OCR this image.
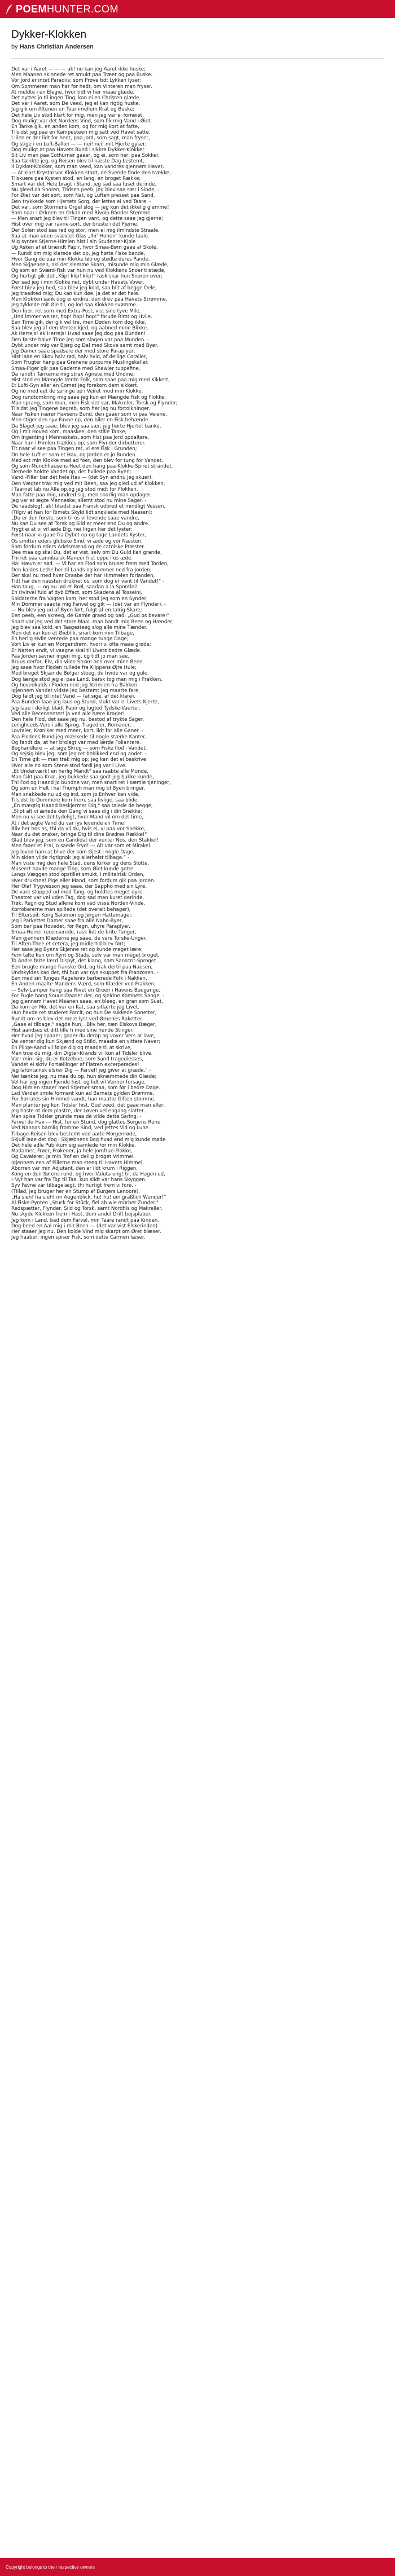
POEM HUNTER.COM
Dykker-Klokken

by Hans Christian Andersen

Det var i Aaret — — — ak! nu kan jeg Aaret ikke huske;
Men Maanen skinnede ret smukt paa Træer og paa Buske.
Vor Jord er intet Paradiis; som Prøve tidt Lykken lyser;
Om Sommeren man har for hedt, om Vinteren man fryser.
At meldte i en Elegie, hvor tidt vi her maae glæde,
Det nytter jo til ingen Ting, kan ei en Christen glæde.
Det var i Aaret, som De veed, jeg ei kan rigtig huske,
Jeg gik om Aftenen en Tour imellem Krat og Buske;
Det hele Liv stod klart for mig, men jeg var ei fornøiet;
Dog muligt var det Nordens Vind, som fik mig Vand i Øiet.
En Tanke gik, en anden kom, og for mig kort at fatte,
Tilsidst jeg paa en Kampesteen mig satt ved Havet satte.
I Iilen er der lidt for hedt, paa Jord, som sagt, man fryser,
Og stige i en Luft-Ballon — — nei! nei! mit Hjerte gyser;
Dog muligt at paa Havets Bund i sikkre Dykker-Klokker
Sit Liv man paa Cothurner gaaer, og ei, som her, paa Sokker.
Saa tænkte jeg, og Reisen blev til næste Dag bestemt,
Il Dykker-Klokker, som man veed, kan vandres gjennem Havet.
— At klart Krystal var Klokken stadt, de Svende finde den trække,
Tilskuere paa Kysten stod, en lang, en broget Række;
Smart var det Hele bragt i Stand, jeg sad saa fuset derinde,
Nu gleed da Snoren, Tridsen peeb, jeg blev saa sær i Sinde, -
For Øiet var det sort, som Nat, og Luften presset paa Sand,
Den trykkede som Hjertets Sorg, der lettes ei ved Taare. -
Det var, som Stormens Orgel slog — jeg kun det ikkelig glemme!
Som naar i Ørknen en Orkan med Rivolp Bånder Stemme.
— Men snart jeg blev til Tingen vant, og dette saae jeg gjerne;
Hist over mig var ravne-sort, der bruste i det Fjerne,
Der Solen stod saa red og stor, men ei mig ilmindste Straale,
Saa at man uden svævtet Glas „Ihr' Hohen" kunde taale.
Mig syntes Stjerne-Himlen hist i sin Studenter-Kjole
Ug Asken af et brændt Papir, hvor Smaa-Børn gaae af Skole.
— Rundt om mig klarede det op, jeg hørte Fiske bande,
Hvor Gang de paa min Klokke løb og stødte deres Pande.
Men Skjaebnen, akl det slemme Skarn, misunde mig min Glæde,
Og som en Sværd-Fisk var hun nu ved Klokkens Snoer tilstæde,
Og hurtigt gik det „Klip! klip! klip!" rask skar hun Snoren over;
Der sad jeg i min Klokke net, dybt under Havets Vover.
Først blev jeg hed, saa blev jeg kold, saa blit af begge Dele,
Jeg traadted mig; Du kan kun døe, ja det er det hele.
Men Klokken sank dog ei endnu, den drev paa Havets Strømme,
Jeg tykkede mit Øie til, og lod saa Klokken svømme.
Den foer, ret som med Extra-Post, vist sine tyve Mile,
„Und immer weiter, hop! hop! hop!" forude Rimt og Hvile.
Een Time gik, der gik vel tre, men Døden kom dog ikke,
Saa blev jeg af den Venten kjed, og aabned mine Blikke.
Ak Herrejs! ak Herrejs! Hvad saae jeg dog paa Bunden!
Den første halve Time jeg som slagen var paa Munden. -
Dybt under mig var Bjerg og Dal med Skove samt med Byer,
Jeg Damer saae spadsere der med store Paraplyer,
Hist laae en Skov halv rød, halv hvid, af deilige Coraller,
Som Frugter hang paa Grenene purpurne Muslingskaller.
Smaa-Piger gik paa Gaderne med Shawler tuppefine,
Da randt i Tankerne mig strax Agnete med Undine.
Hist stod en Mængde lærde Folk, som saae paa mig med Kikkert,
Et Lufti-Syn eller en Comet jeg forekom dem sikkert.
Og nu med eet de springe op i Veiret mod min Klokke,
Dog rundtomkring mig saae jeg kun en Mængde Fisk og Flokke.
Man sprang, som man, men Fisk det var, Makreler, Torsk og Flynder;
Tilsidst jeg Tingene begreb, som her jeg nu fortolkninger.
Naar Fisken nærer Havsens Bund, den gaaer som vi paa Veiene,
Men stiger den syv Favne op, den biler en Fisk behænde.
Da Slaget jeg saae, blev jeg saa sær, jeg hørte Hjertet banke,
Og i mit Hoved kom, maaskee, den stille Tanke,
Om Ingenting i Menneskets, som hist paa Jord opdaltere,
Naar han i Himlen trækkes op, som Flynder dirbutterer.
Tit naar vi see paa Tingen ret, vi ere Fisk i Grunden;
Dn hele Luft er som et Hav, og Jorden er jo Bunden.
Med ect min Klokke med ad foer, den blev for tung for Vandet,
Og som Münchhausens Heet den hang paa Klokke-Spiret strandet.
Dernede holdte Vandet op, det hvilede paa Byen;
Vandi-Piller bar det hele Hav — (det Syn endnu jeg skuer).
Den Vægter trak mig ved mit Been, saa jeg gled ud af Klokken,
I Taarnet lab nu Alle op,og jeg stod midt for Flokken.
Man fatte paa mig, undred sig, men snarlig man opdager,
Jeg var et ægte Menneske; sliemt stod nu mine Sager. -
De raadslog!, ak! tilsidst paa Fransk udbred et mindligt Vessen,
(Tilgiv at han for Rimets Skyld lidt snøvlede med Naesen):
„Du er den første, som til os vi levende saae vandre,
Nu kan Du see at Torsk og Sild er meer end Du og andre.
Frygt ei at vi vil æde Dig, nei Ingen her det lyster;
Først naar vi gaae fra Dybet op og tage Landets Kyster,
Os smitter eders glubske Sind, vi æde og vor Næsten,
Som fordum eders Adelsmænd og de catolske Præster.
Dee maa og skal Du, det er vist, selv om Du Guld kan grande,
Thi ret paa cannibalsk Maneer hist oppe I os æde.
Ha! Hævn er sød. — Vi har en Flod som bruser frem med Torden,
Den kaldes Lethe her til Lands og kommer ned fra Jorden;
Der skal nu med hver Draabe der har Himmelen forlanden,
Tidt har den naesten druknet os, som dog er vant til Vandet!" -
Han taug, — og nu lød et Brøl, saadan a la Spontini!
En Hvirvel fuld af dyb Effect, som Skadens al Tosseini,
Soldaterne fra Vagten kom, her stod jeg som en Synder,
Min Dommer saadte mig Fanvel og gik — (det var en Flynder). -
— Nu blev jeg ud af Byen ført, fulgt af en talrig Skare;
Een peeb, een skreeg, de Gamle graed og bad; „Gud os bevare!"
Snart var jeg ved det store Maal, man bandt mig Been og Hænder,
Jeg blev saa kold, en Taagesteeg slog alle mine Tænder.
Men det var kun et Øieblik, snart kom min Tilbage,
En herlig Hvile ventede paa mange tunge Dage;
Vort Liv er kun en Morgendrøm, hvori vi ofte maae grøde;
Er Natten endt, vi vaagne skal til Livets bedre Glæde.
Paa Jorden savner ingen mig, og tidt jo man see,
Bruus derfor, Elv, din vilde Strøm hen over mine Been.
Jeg saae hvor Floden rullede fra Klippens Øjre Hule;
Med broget Skjær de Bølger steeg, de hvide var og gule.
Dog længe stod jeg ei paa Land, barsk tog man mig i Frakken,
Og hovedkulds i Floden ned jog Strimlen fra Bakken.
Igjennem Vandet vidste jeg bestemt jeg maatte fare,
Dog faldt jeg til intet Vand — (at sige, af det klare).
Paa Bunden laae jeg laus og Stund, slukt var ei Livets Kjerte,
Jeg laae i deiligt bladt Papir og lugted Tydske-Vaerter.
Ved alle Recensenter! ja ved alle hære Krager!
Den hele Flod, det saae jeg nu, bestod af trykte Sager.
Leilighceds-Vers i alle Sprog, Tragedier, Romaner,
Lovtaler, Krøniker med meer, kort, lidt for alle Ganer. -
Paa Flodens Bund jeg mærkede til nogle stærke Kanter,
Og fandt da, at her brolagt var med lærde Foliantere.
Boghandlere — at sige Skrog — som Fiske flod i Vandet,
Og sejsig blev jeg, som jeg ret bekikked end og andet. -
En Time gik — man trak mig op; jeg kan det ei beskrive,
Hvor alle no som Stene stod fordi jeg var i Live.
„Et Underværk! en herlig Mandt" saa raabte alle Munde,
Man fakt paa Knæ, jeg bukkede saa godt jeg bukke kunde,
Thi Fod og Haand jo bundne var, men snart ret i sæmle tjeninger,
Og som en Helt i hai Triumph man mig til Byen bringer.
Man snakkede nu ud og ind, som jo Enhver kan vide,
Tilsidst to Dommere kom frem, saa livlige, saa blide.
„En mægtig Haand beskjermer Dig," saa talede de begge,
„Slipt alt vi ænede den Gang vi saae dig i din Snekke;
Men nu vi see det tydeligt, hvor Mand vil om det time,
At i det ægte Vand du var lys levende en Time!
Bliv her hos os, thi da vil du, hvis ei, vi paa vor Snekke,
Naar du det ønsker, bringe Dig til dine Brødres Række!"
Glad blev jeg, som en Candidat der venter Nos, den Stakkel!
Men faaer et Prai, o saede Fryd! — Alt var som et Mirakel.
Jeg loved ham at blive der som Gjest i nogle Dage,
Min siden vilde rigtignok jeg allerhelst tilbage.” -
Man viste mig den hele Stad, dens Kirker og dens Slotte,
Museert havde mange Ting, som Øiet kunde gotte.
Langs Væggen stod opstillet smukt, i militairisk Orden,
Hver drukhnet Pige eller Mand, som fordum gik paa Jorden.
Her Olaf Trygvesson jeg saae, der Sappho med sin Lyre,
De vare stopped ud med Tang, og holdtes meget dyre.
Theatret var vel uden Tag, dog sad man kuret derinde,
Trøk, Regn og Stud allene kom ved visse Norden-Vinde.
Korrobererne man spillede (det overalt behager),
Til Efterspil: Kong Salomon og Jørgen Hattemager.
Jeg i Parkettet Damer saae fra alle Nabo-Byer,
Som bar paa Hovedet, for Regn, uhyre Paraplyer.
Smaa-Herrer recenserede, rask lidt de brite Tunger,
Men gjennem Klæderne jeg saae, de vare Torske-Unger.
Til Aften-Thee et cetera, jeg midlertid blev ført;
Her saae jeg Byens Skjønne ret og kunde meget lære;
Fem talte kun om Rynt og Stads, selv var man meget broget,
To Andre førte lærd Dispyt, det klang, som Sanscrit-Sproget.
Een brugte mange franske Ord, og trak dertil paa Naesen,
Undskyldes kan det, thi hun var nys skuppet fra Franzosen. -
Een med sin Tunges Rageleniv barberede Folk i Nakken,
En Anden maalte Mandens Værd, som Klæder ved Frakken,
— Selv-Lamper hang paa Rivet en Green i Havens Buegange,
For Fugle hang Snuus-Daaser der, og sjeldne Kombets Sange. -
Jeg gjennem Havet Maanen saae, en bleeg, en gran som Suet,
Da kom en Mø, det var en Kat, saa sitlærte jeg Livet.
Hun havde ret studeret Parcit, og hun De sukkede Sonetter,
Rundt om os blev det mere lyst ved Ørnenes Raketter.
„Gaae ei tilbage," sagde hun, „Bliv her, tæn Elskovs Bæger,
Hist aandses et ditt lille h med sine hende Stinger.
Her hvad jeg spaaer; gaaer du derop og vover Vers at lave,
Da venter dig kun Skjænd og Stiild, maaske en vittere Naver;
En Pilige-Aand vil følge dig og maade til at skrive,
Men troe du mig, din Digter-Krands vil kun af Tidsler blive.
Vær min! sig, du er Kotzebue, som Sand tragediesses,
Vandet ei skriv Fortællinger af Flatren excerperedes!
Jeg lafontainsk elsker Dig — Farvel! jeg giver at græde." -
Nei tænkte jeg, nu maa du op, hun skræmmede din Glæde;
Vel har jeg ingen Fjende hist, og lidt vil Venner forsage,
Dog Himlen staaer med Stjerner smaa, som før i bedre Dage.
Lad Verden smile forment kun ad Barnets gylden Drømme,
For Sorrates sin Himmel vandt, han maatte Giften stomme.
Men planter jeg kun Tidsler hist, Gud veed, det gaae man eller,
Jeg hoste ot dem plastre, der Løven vel engang slatter.
Man spise Tidsler grunde maa de vilde dette Saring. -
Farvel du Hav — Hist, for en Stund, dog glattes Sorgens Rune
Ved Nannas barnlig fromme Sind, ved Jettes Vid og Lune.
Tilbage-Reisen blev bestemt ved aarle Morgenrøde,
Skjult laae det dog i Skjæbnens Bog hvad end mig kunde møde.
Det hele adle Publikum sig samlede for min Klokke,
Madamer, Frøer, Frøkener, ja hele Jomfrue-Flokke,
Og Cavalerer, ja min Trof en deilig broget Vrimmel.
Igjennem een af Pillerne man steeg til Havets Himmel,
Aborren var min Adjutant, den er ildt krum i Riggen,
Kong en den Sørens rund, og hver Valuta ungt til, da Hagen ud,
I Nyt han var fra Top til Taa, kun slidt var hans Skyggen.
Syv Favne var tilbagelægt, thi hurtigt frem vi fore, -
(Tillad, jeg bruger her en Stump af Burgers Lenoore).
„Ha sieh! ha sieh! im Augenblick, hu! hu! ein gräßlich Wunder!"
Al Fiske-Pynten „Stuck for Stück, fiel ab wie mürber Zunder."
Redspætter, Flynder, Sild og Torsk, samt Nordhls og Makreller.
Nu skyde Klokken frem i Hast, dem andel Drift bejsplaber.
Jeg kom i Land, bad dem Farvel, min Taare randt paa Kinden,
Dog beed en Aal mig i mit Been — (det var vist Elskerinden).
Her staaer jeg nu, Den kolde Vind mig skarpt om Øret blæser.
Jeg haaber, ingen spiser Fisk, som dette Carmen læser.
Copyright belongs to their respective owners
